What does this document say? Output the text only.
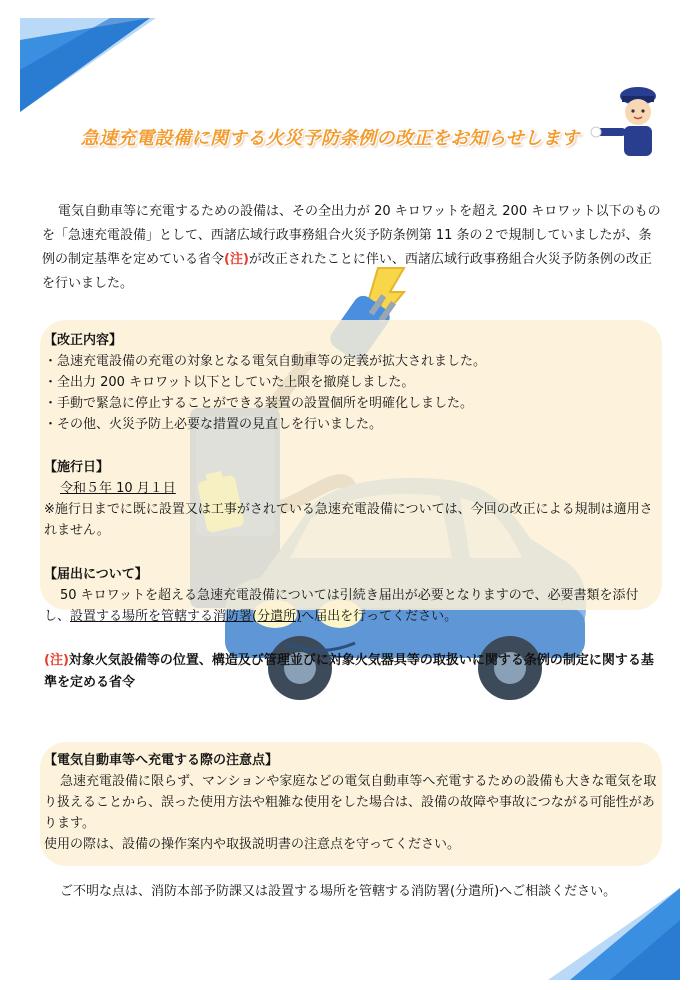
急速充電設備に関する火災予防条例の改正をお知らせします
電気自動車等に充電するための設備は、その全出力が 20 キロワットを超え 200 キロワット以下のものを「急速充電設備」として、西諸広域行政事務組合火災予防条例第 11 条の２で規制していましたが、条例の制定基準を定めている省令(注)が改正されたことに伴い、西諸広域行政事務組合火災予防条例の改正を行いました。
【改正内容】
・急速充電設備の充電の対象となる電気自動車等の定義が拡大されました。
・全出力 200 キロワット以下としていた上限を撤廃しました。
・手動で緊急に停止することができる装置の設置個所を明確化しました。
・その他、火災予防上必要な措置の見直しを行いました。
【施行日】
令和５年 10 月１日
※施行日までに既に設置又は工事がされている急速充電設備については、今回の改正による規制は適用されません。
【届出について】
50 キロワットを超える急速充電設備については引続き届出が必要となりますので、必要書類を添付し、設置する場所を管轄する消防署(分遣所)へ届出を行ってください。
(注)対象火気設備等の位置、構造及び管理並びに対象火気器具等の取扱いに関する条例の制定に関する基準を定める省令
【電気自動車等へ充電する際の注意点】
急速充電設備に限らず、マンションや家庭などの電気自動車等へ充電するための設備も大きな電気を取り扱えることから、誤った使用方法や粗雑な使用をした場合は、設備の故障や事故につながる可能性があります。
使用の際は、設備の操作案内や取扱説明書の注意点を守ってください。
ご不明な点は、消防本部予防課又は設置する場所を管轄する消防署(分遣所)へご相談ください。
